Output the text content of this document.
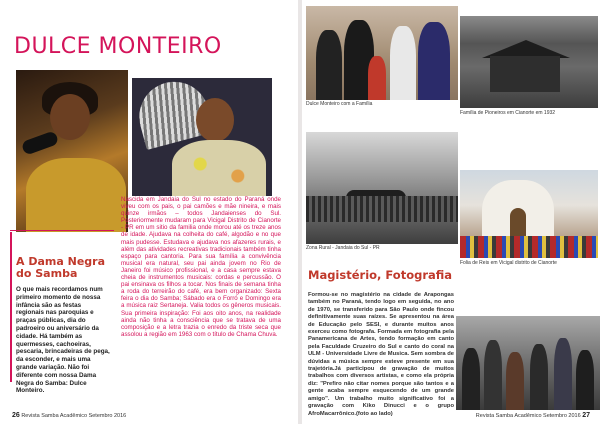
DULCE MONTEIRO
A Dama Negra
do Samba
O que mais recordamos num primeiro momento de nossa infância são as festas regionais nas paroquias e praças públicas, dia do padroeiro ou aniversário da cidade. Há também as quermesses, cachoeiras, pescaria, brincadeiras de pega, da esconder, e mais uma grande variação. Não foi diferente com nossa Dama Negra do Samba: Dulce Monteiro.
Nascida em Jandaia do Sul no estado do Paraná onde viveu com os pais, o pai camões e mãe nineira, e mais quinze irmãos – todos Jandaienses do Sul. Posteriormente mudaram para Vicigal Distrito de Cianorte - PR em um sitio da familia onde morou até os treze anos de idade. Ajudava na colheita do café, algodão e no que mais pudesse. Estudava e ajudava nos afazeres rurais, e além das atividades recreativas tradicionais também tinha espaço para cantoria. Para sua família a convivência musical era natural, seu pai ainda jovem no Rio de Janeiro foi músico profissional, e a casa sempre estava cheia de instrumentos musicais: cordas e percussão. O pai ensinava os filhos a tocar. Nos finais de semana tinha a roda do terreirão do café, era bem organizado: Sexta feira o dia do Samba; Sábado era o Forró e Domingo era a música raiz Sertaneja. Valia todos os gêneros musicais. Sua primeira inspiração: Foi aos oito anos, na realidade ainda não tinha a consciência que se tratava de uma composição e a letra trazia o enredo da triste seca que assolou a região em 1963 com o título de Chama Chuva.
26 Revista Samba Acadêmico Setembro 2016
Dulce Monteiro com a Família
Família de Pioneiros em Cianorte em 1932
Zona Rural - Jandaia do Sul - PR
Folia de Reis em Vicigal distrito de Cianorte
Magistério, Fotografia
Formou-se no magistério na cidade de Arapongas também no Paraná, tendo logo em seguida, no ano de 1970, se transferido para São Paulo onde fincou definitivamente suas raízes. Se apresentou na área de Educação pelo SESI, e durante muitos anos exerceu como fotografa. Formada em fotografia pela Panamericana de Artes, tendo formação em canto pela Faculdade Cruzeiro do Sul e canto do coral na ULM - Universidade Livre de Musica. Sem sombra de dúvidas a música sempre esteve presente em sua trajetória.Já participou de gravação de muitos trabalhos com diversos artistas, e como ela própria diz: "Prefiro não citar nomes porque são tantos e a gente acaba sempre esquecendo de um grande amigo". Um trabalho muito significativo foi a gravação com Kiko Dinucci e o grupo AfroMacarrônico.(foto ao lado)	Revista Samba Acadêmico Setembro 2016 27
